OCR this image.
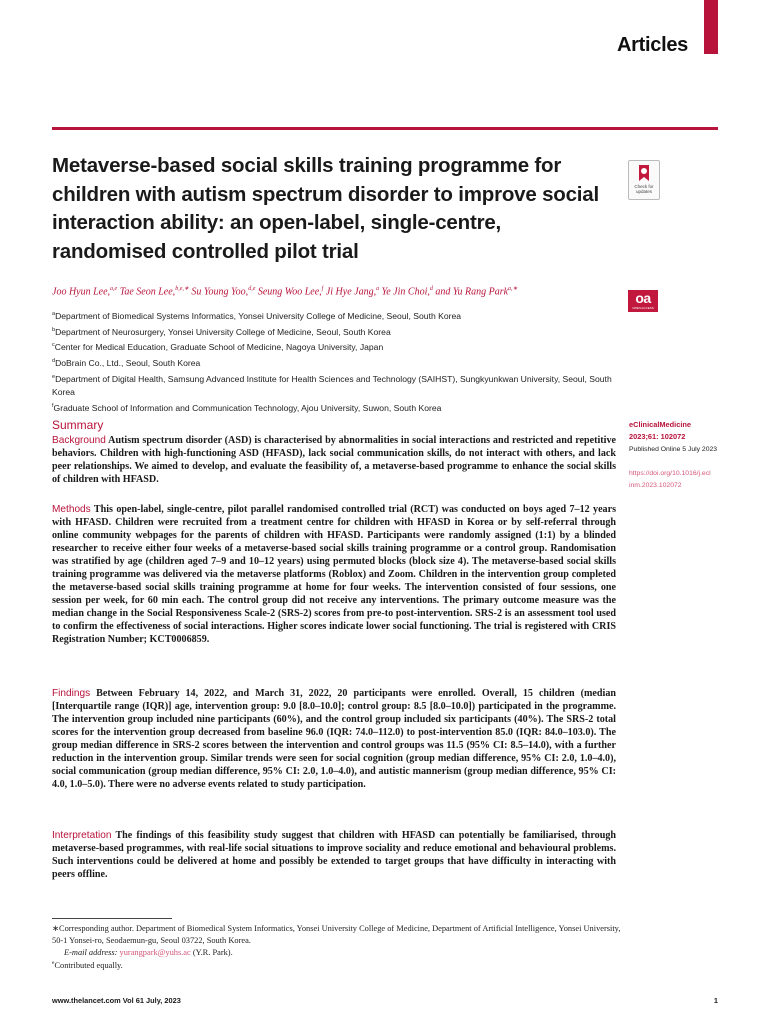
Articles
Metaverse-based social skills training programme for children with autism spectrum disorder to improve social interaction ability: an open-label, single-centre, randomised controlled pilot trial
Check for updates
Joo Hyun Lee,$^{a,e}$ Tae Seon Lee,$^{b,e,∗}$ Su Young Yoo,$^{d,e}$ Seung Woo Lee,$^f$ Ji Hye Jang,$^a$ Ye Jin Choi,$^d$ and Yu Rang Park$^{a,∗}$
oa
OPEN ACCESS
$^a$Department of Biomedical Systems Informatics, Yonsei University College of Medicine, Seoul, South Korea
$^b$Department of Neurosurgery, Yonsei University College of Medicine, Seoul, South Korea
$^c$Center for Medical Education, Graduate School of Medicine, Nagoya University, Japan
$^d$DoBrain Co., Ltd., Seoul, South Korea
$^e$Department of Digital Health, Samsung Advanced Institute for Health Sciences and Technology (SAIHST), Sungkyunkwan University, Seoul, South Korea
$^f$Graduate School of Information and Communication Technology, Ajou University, Suwon, South Korea
Summary

Background Autism spectrum disorder (ASD) is characterised by abnormalities in social interactions and restricted and repetitive behaviors. Children with high-functioning ASD (HFASD), lack social communication skills, do not interact with others, and lack peer relationships. We aimed to develop, and evaluate the feasibility of, a metaverse-based programme to enhance the social skills of children with HFASD.

Methods This open-label, single-centre, pilot parallel randomised controlled trial (RCT) was conducted on boys aged 7–12 years with HFASD. Children were recruited from a treatment centre for children with HFASD in Korea or by self-referral through online community webpages for the parents of children with HFASD. Participants were randomly assigned (1:1) by a blinded researcher to receive either four weeks of a metaverse-based social skills training programme or a control group. Randomisation was stratified by age (children aged 7–9 and 10–12 years) using permuted blocks (block size 4). The metaverse-based social skills training programme was delivered via the metaverse platforms (Roblox) and Zoom. Children in the intervention group completed the metaverse-based social skills training programme at home for four weeks. The intervention consisted of four sessions, one session per week, for 60 min each. The control group did not receive any interventions. The primary outcome measure was the median change in the Social Responsiveness Scale-2 (SRS-2) scores from pre-to post-intervention. SRS-2 is an assessment tool used to confirm the effectiveness of social interactions. Higher scores indicate lower social functioning. The trial is registered with CRIS Registration Number; KCT0006859.

Findings Between February 14, 2022, and March 31, 2022, 20 participants were enrolled. Overall, 15 children (median [Interquartile range (IQR)] age, intervention group: 9.0 [8.0–10.0]; control group: 8.5 [8.0–10.0]) participated in the programme. The intervention group included nine participants (60%), and the control group included six participants (40%). The SRS-2 total scores for the intervention group decreased from baseline 96.0 (IQR: 74.0–112.0) to post-intervention 85.0 (IQR: 84.0–103.0). The group median difference in SRS-2 scores between the intervention and control groups was 11.5 (95% CI: 8.5–14.0), with a further reduction in the intervention group. Similar trends were seen for social cognition (group median difference, 95% CI: 2.0, 1.0–4.0), social communication (group median difference, 95% CI: 2.0, 1.0–4.0), and autistic mannerism (group median difference, 95% CI: 4.0, 1.0–5.0). There were no adverse events related to study participation.

Interpretation The findings of this feasibility study suggest that children with HFASD can potentially be familiarised, through metaverse-based programmes, with real-life social situations to improve sociality and reduce emotional and behavioural problems. Such interventions could be delivered at home and possibly be extended to target groups that have difficulty in interacting with peers offline.

eClinicalMedicine
2023;61: 102072
Published Online 5 July 2023
https://doi.org/10.1016/j.eclinm.2023.102072
∗Corresponding author. Department of Biomedical System Informatics, Yonsei University College of Medicine, Department of Artificial Intelligence, Yonsei University, 50-1 Yonsei-ro, Seodaemun-gu, Seoul 03722, South Korea.
E-mail address: yurangpark@yuhs.ac (Y.R. Park).
$^e$Contributed equally.
www.thelancet.com Vol 61 July, 2023	1
